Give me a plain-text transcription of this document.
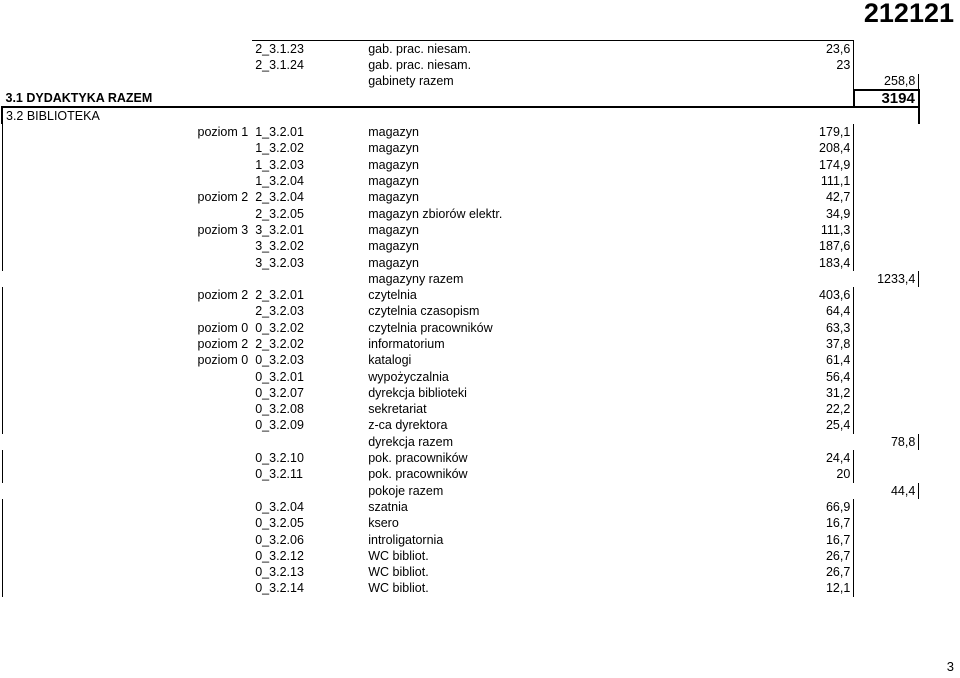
212121
	2_3.1.23	gab. prac. niesam.	23,6	
	2_3.1.24	gab. prac. niesam.	23	
		gabinety razem		258,8
3.1 DYDAKTYKA RAZEM				3194
3.2 BIBLIOTEKA				
poziom 1	1_3.2.01	magazyn	179,1	
	1_3.2.02	magazyn	208,4	
	1_3.2.03	magazyn	174,9	
	1_3.2.04	magazyn	111,1	
poziom 2	2_3.2.04	magazyn	42,7	
	2_3.2.05	magazyn zbiorów elektr.	34,9	
poziom 3	3_3.2.01	magazyn	111,3	
	3_3.2.02	magazyn	187,6	
	3_3.2.03	magazyn	183,4	
		magazyny razem		1233,4
poziom 2	2_3.2.01	czytelnia	403,6	
	2_3.2.03	czytelnia czasopism	64,4	
poziom 0	0_3.2.02	czytelnia pracowników	63,3	
poziom 2	2_3.2.02	informatorium	37,8	
poziom 0	0_3.2.03	katalogi	61,4	
	0_3.2.01	wypożyczalnia	56,4	
	0_3.2.07	dyrekcja biblioteki	31,2	
	0_3.2.08	sekretariat	22,2	
	0_3.2.09	z-ca dyrektora	25,4	
		dyrekcja razem		78,8
	0_3.2.10	pok. pracowników	24,4	
	0_3.2.11	pok. pracowników	20	
		pokoje razem		44,4
	0_3.2.04	szatnia	66,9	
	0_3.2.05	ksero	16,7	
	0_3.2.06	introligatornia	16,7	
	0_3.2.12	WC bibliot.	26,7	
	0_3.2.13	WC bibliot.	26,7	
	0_3.2.14	WC bibliot.	12,1	
3
